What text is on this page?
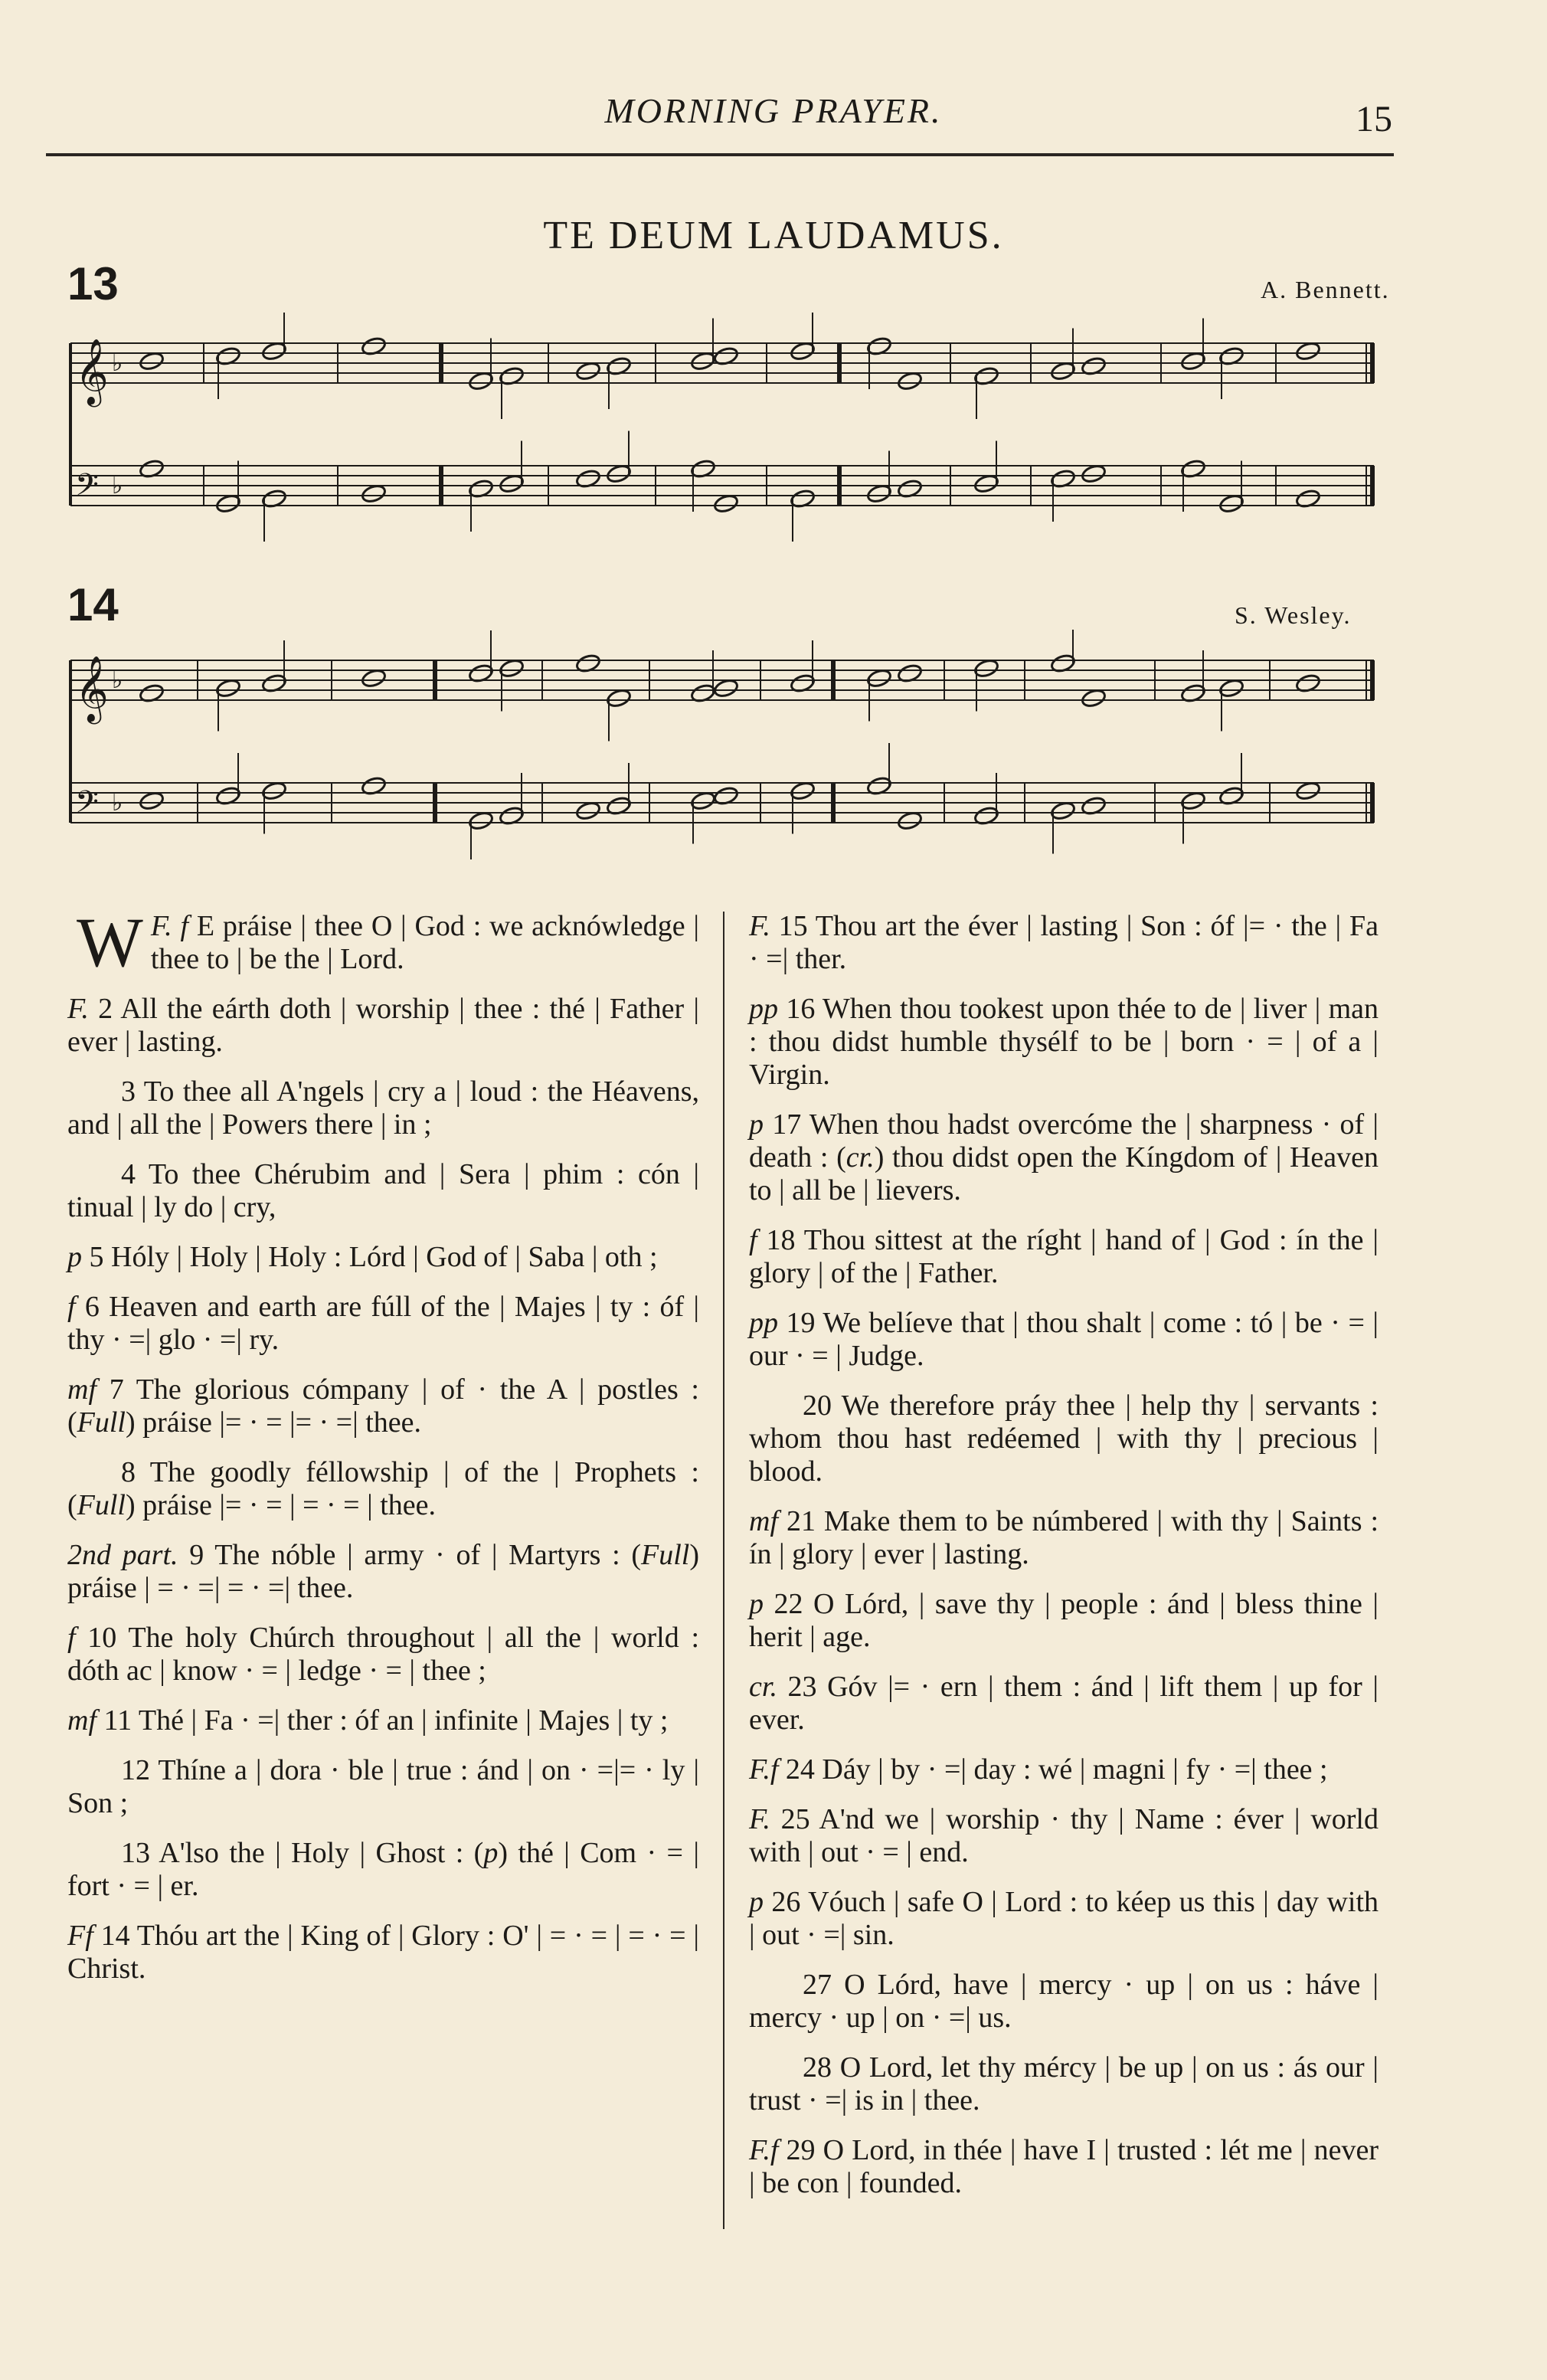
MORNING PRAYER.	15
TE DEUM LAUDAMUS.
13	A. Bennett.
𝄞 ♭
𝄢 ♭
14	S. Wesley.
𝄞 ♭
𝄢 ♭
F. f
W E práise | thee O | God : we acknówledge | thee to | be the | Lord.
F. 2 All the eárth doth | worship | thee : thé | Father | ever | lasting.
3 To thee all A'ngels | cry a | loud : the Héavens, and | all the | Powers there | in ;
4 To thee Chérubim and | Sera | phim : cón | tinual | ly do | cry,
p 5 Hóly | Holy | Holy : Lórd | God of | Saba | oth ;
f 6 Heaven and earth are fúll of the | Majes | ty : óf | thy · =| glo · =| ry.
mf 7 The glorious cómpany | of · the A | postles : (Full) práise |= · = |= · =| thee.
8 The goodly féllowship | of the | Prophets : (Full) práise |= · = | = · = | thee.
2nd part. 9 The nóble | army · of | Martyrs : (Full) práise | = · =| = · =| thee.
f 10 The holy Chúrch throughout | all the | world : dóth ac | know · = | ledge · = | thee ;
mf 11 Thé | Fa · =| ther : óf an | infinite | Majes | ty ;
12 Thíne a | dora · ble | true : ánd | on · =|= · ly | Son ;
13 A'lso the | Holy | Ghost : (p) thé | Com · = | fort · = | er.
Ff 14 Thóu art the | King of | Glory : O' | = · = | = · = | Christ.
F. 15 Thou art the éver | lasting | Son : óf |= · the | Fa · =| ther.
pp 16 When thou tookest upon thée to de | liver | man : thou didst humble thysélf to be | born · = | of a | Virgin.
p 17 When thou hadst overcóme the | sharpness · of | death : (cr.) thou didst open the Kíngdom of | Heaven to | all be | lievers.
f 18 Thou sittest at the ríght | hand of | God : ín the | glory | of the | Father.
pp 19 We belíeve that | thou shalt | come : tó | be · = | our · = | Judge.
20 We therefore práy thee | help thy | servants : whom thou hast redéemed | with thy | precious | blood.
mf 21 Make them to be númbered | with thy | Saints : ín | glory | ever | lasting.
p 22 O Lórd, | save thy | people : ánd | bless thine | herit | age.
cr. 23 Góv |= · ern | them : ánd | lift them | up for | ever.
F.f 24 Dáy | by · =| day : wé | magni | fy · =| thee ;
F. 25 A'nd we | worship · thy | Name : éver | world with | out · = | end.
p 26 Vóuch | safe O | Lord : to kéep us this | day with | out · =| sin.
27 O Lórd, have | mercy · up | on us : háve | mercy · up | on · =| us.
28 O Lord, let thy mércy | be up | on us : ás our | trust · =| is in | thee.
F.f 29 O Lord, in thée | have I | trusted : lét me | never | be con | founded.
